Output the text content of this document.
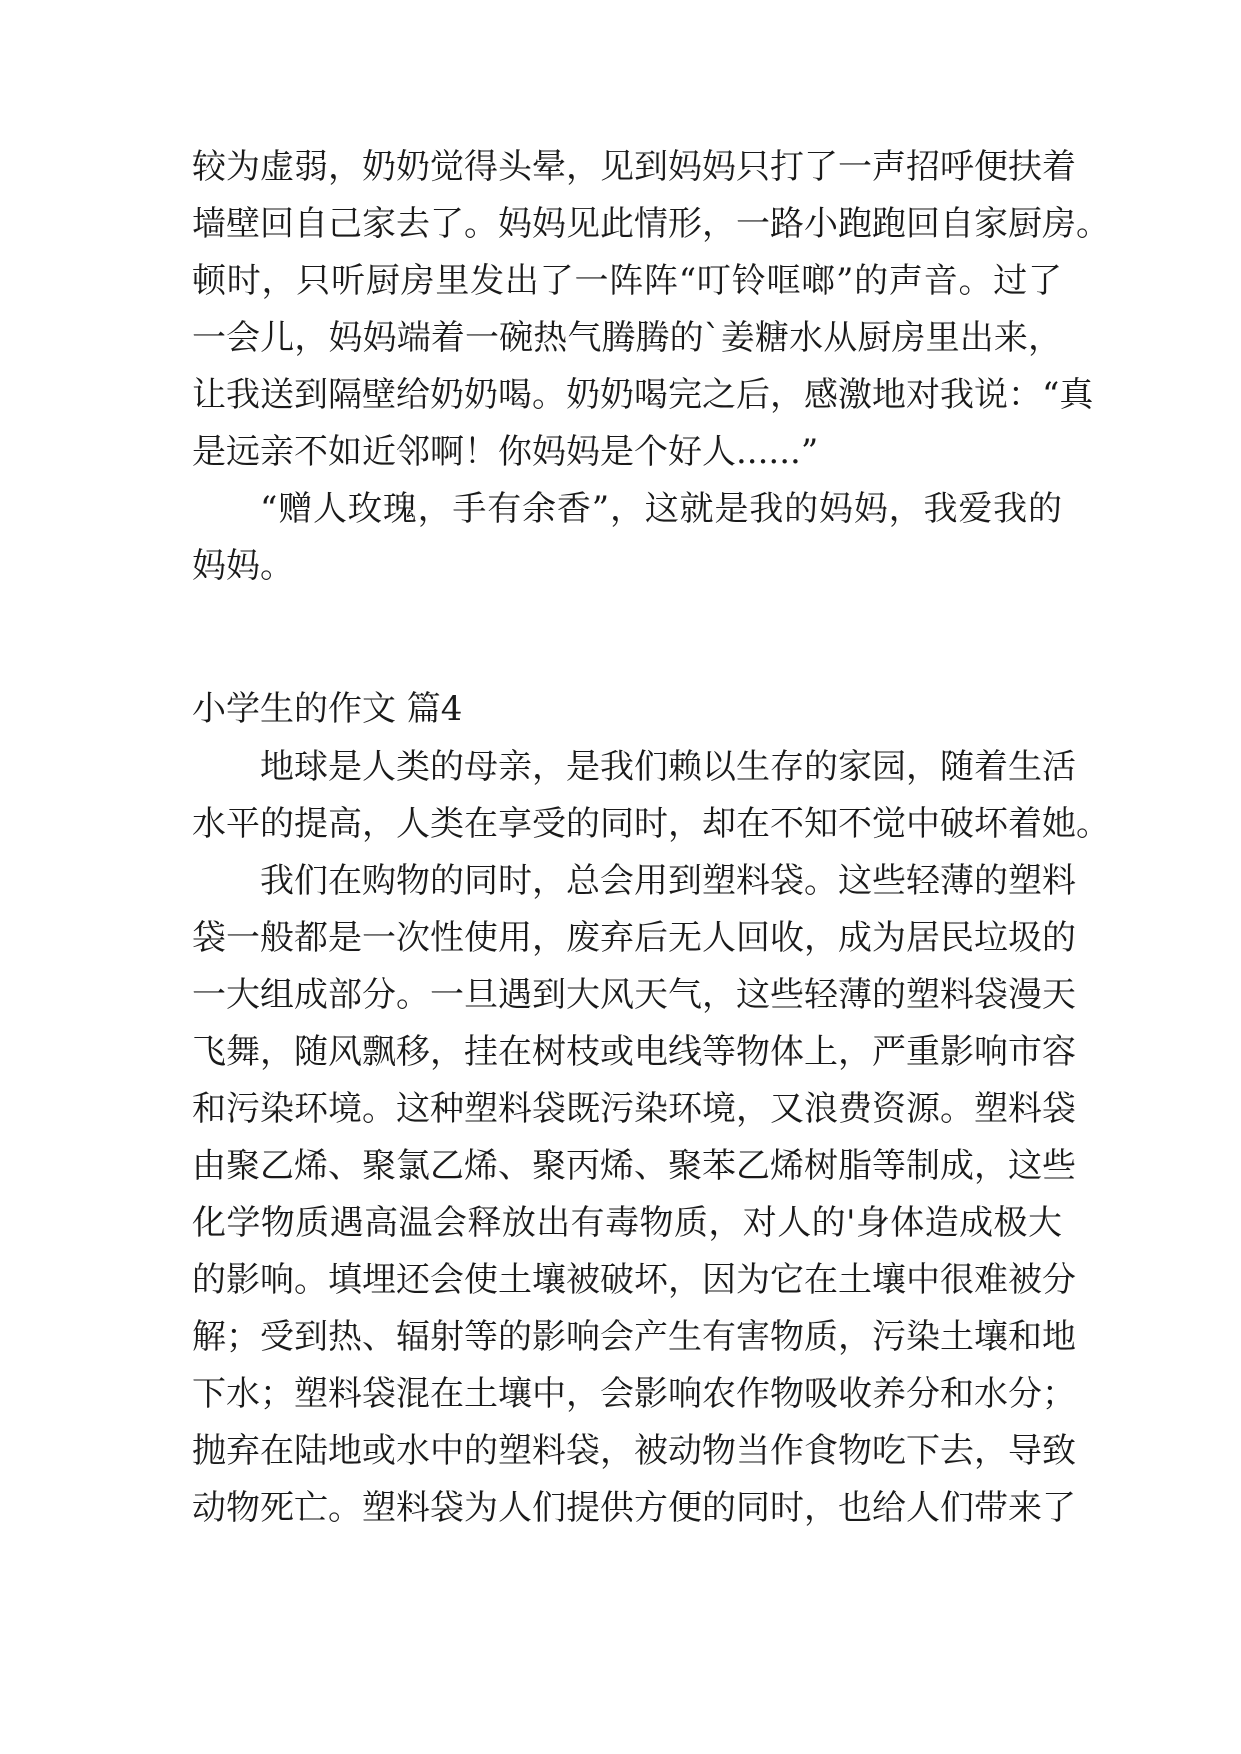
较为虚弱，奶奶觉得头晕，见到妈妈只打了一声招呼便扶着
墙壁回自己家去了。妈妈见此情形，一路小跑跑回自家厨房。
顿时，只听厨房里发出了一阵阵“叮铃哐啷”的声音。过了
一会儿，妈妈端着一碗热气腾腾的`姜糖水从厨房里出来，
让我送到隔壁给奶奶喝。奶奶喝完之后，感激地对我说：“真
是远亲不如近邻啊！你妈妈是个好人......”
“赠人玫瑰，手有余香”，这就是我的妈妈，我爱我的
妈妈。
小学生的作文 篇4
地球是人类的母亲，是我们赖以生存的家园，随着生活
水平的提高，人类在享受的同时，却在不知不觉中破坏着她。
我们在购物的同时，总会用到塑料袋。这些轻薄的塑料
袋一般都是一次性使用，废弃后无人回收，成为居民垃圾的
一大组成部分。一旦遇到大风天气，这些轻薄的塑料袋漫天
飞舞，随风飘移，挂在树枝或电线等物体上，严重影响市容
和污染环境。这种塑料袋既污染环境，又浪费资源。塑料袋
由聚乙烯、聚氯乙烯、聚丙烯、聚苯乙烯树脂等制成，这些
化学物质遇高温会释放出有毒物质，对人的'身体造成极大
的影响。填埋还会使土壤被破坏，因为它在土壤中很难被分
解；受到热、辐射等的影响会产生有害物质，污染土壤和地
下水；塑料袋混在土壤中，会影响农作物吸收养分和水分；
抛弃在陆地或水中的塑料袋，被动物当作食物吃下去，导致
动物死亡。塑料袋为人们提供方便的同时，也给人们带来了
